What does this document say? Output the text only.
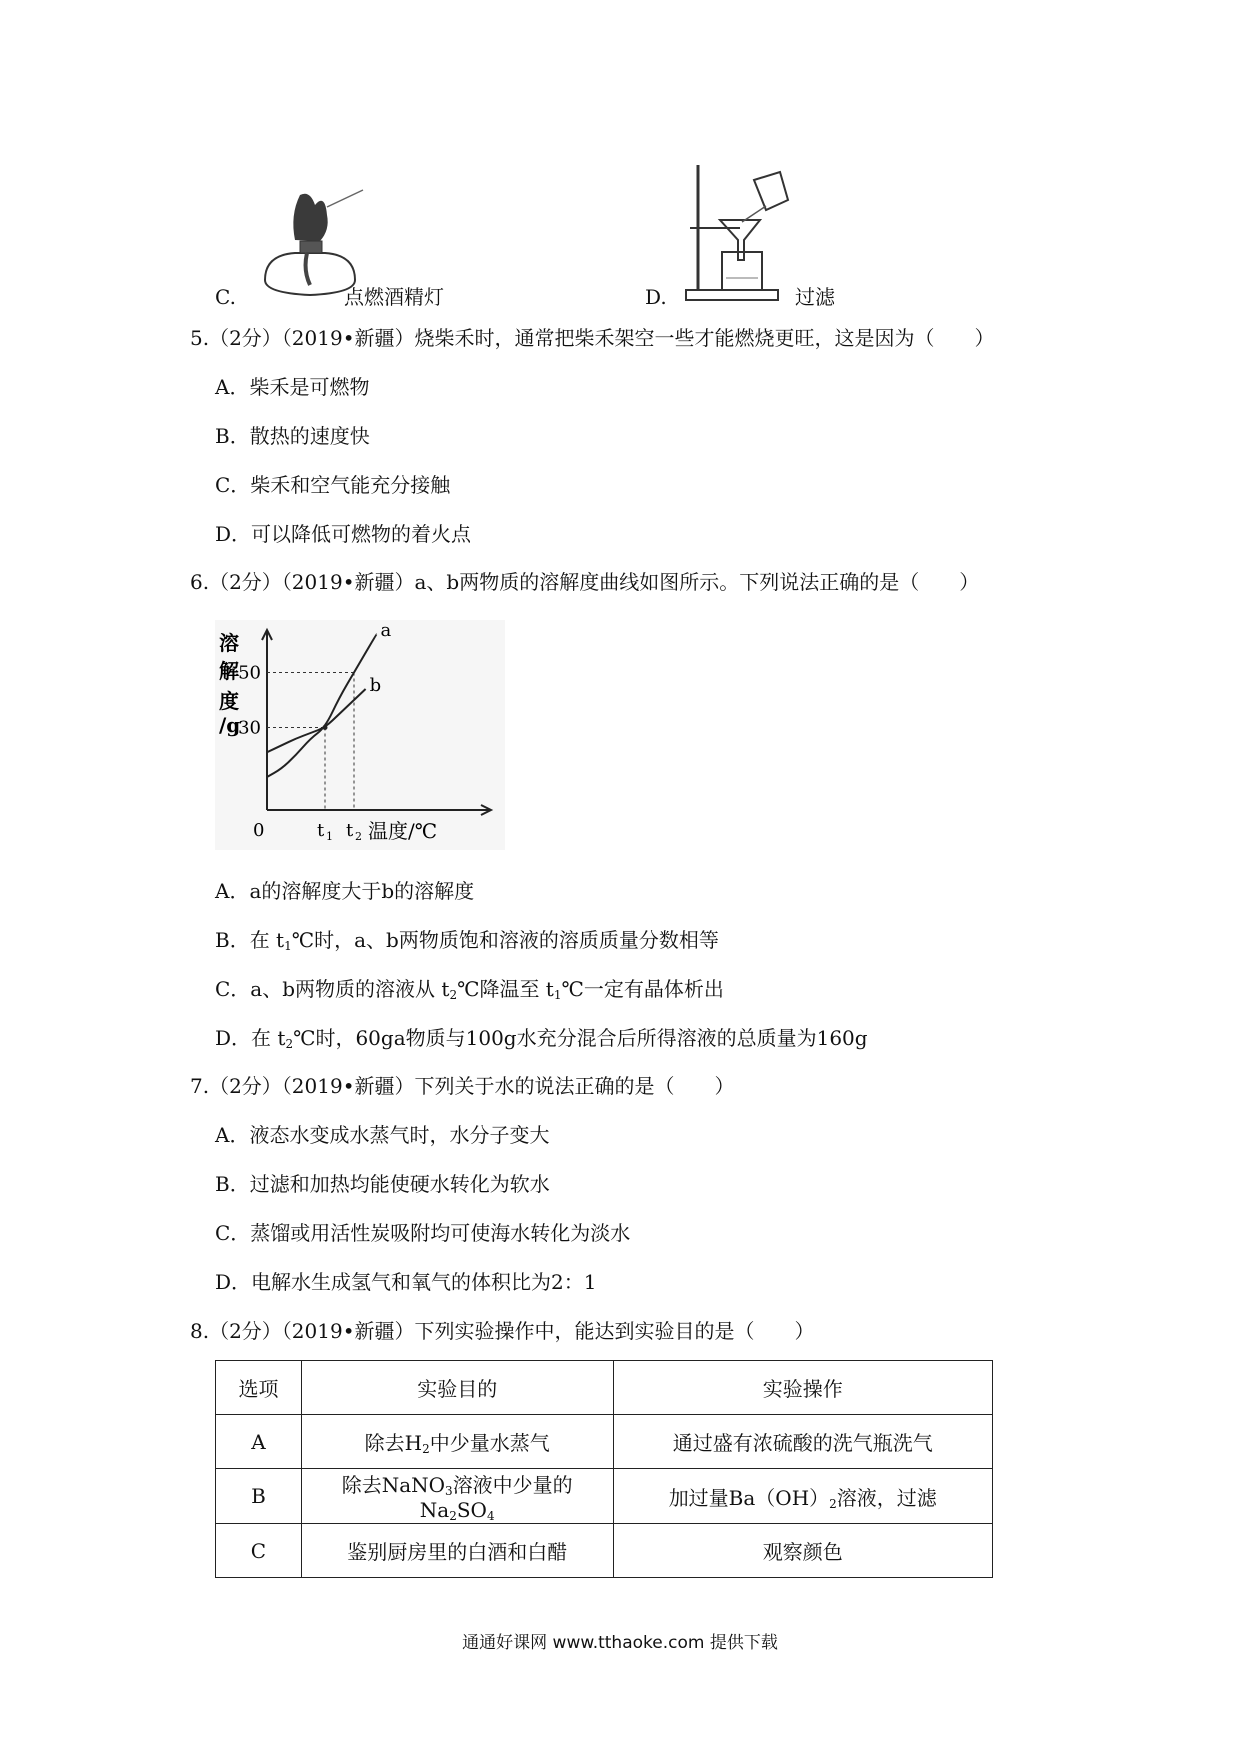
C.	点燃酒精灯	D.	过滤
5.（2分）（2019•新疆）烧柴禾时，通常把柴禾架空一些才能燃烧更旺，这是因为（　　）
A．柴禾是可燃物
B．散热的速度快
C．柴禾和空气能充分接触
D．可以降低可燃物的着火点
6.（2分）（2019•新疆）a、b两物质的溶解度曲线如图所示。下列说法正确的是（　　）
a
b
30
50
溶
解
度
/g
0	t 1 t 2 温度/℃
A．a的溶解度大于b的溶解度
B．在 $t_1℃$时，a、b两物质饱和溶液的溶质质量分数相等
C．a、b两物质的溶液从 $t_2℃$降温至 $t_1℃$一定有晶体析出
D．在 $t_2℃$时，60ga物质与100g水充分混合后所得溶液的总质量为160g
7.（2分）（2019•新疆）下列关于水的说法正确的是（　　）
A．液态水变成水蒸气时，水分子变大
B．过滤和加热均能使硬水转化为软水
C．蒸馏或用活性炭吸附均可使海水转化为淡水
D．电解水生成氢气和氧气的体积比为2：1
8.（2分）（2019•新疆）下列实验操作中，能达到实验目的是（　　）
选项	实验目的	实验操作
A	除去$H_2$中少量水蒸气	通过盛有浓硫酸的洗气瓶洗气
B	除去NaNO$_3$溶液中少量的$Na_2SO_4$	加过量$Ba(OH)_2$溶液，过滤
C	鉴别厨房里的白酒和白醋	观察颜色
通通好课网 www.tthaoke.com 提供下载
